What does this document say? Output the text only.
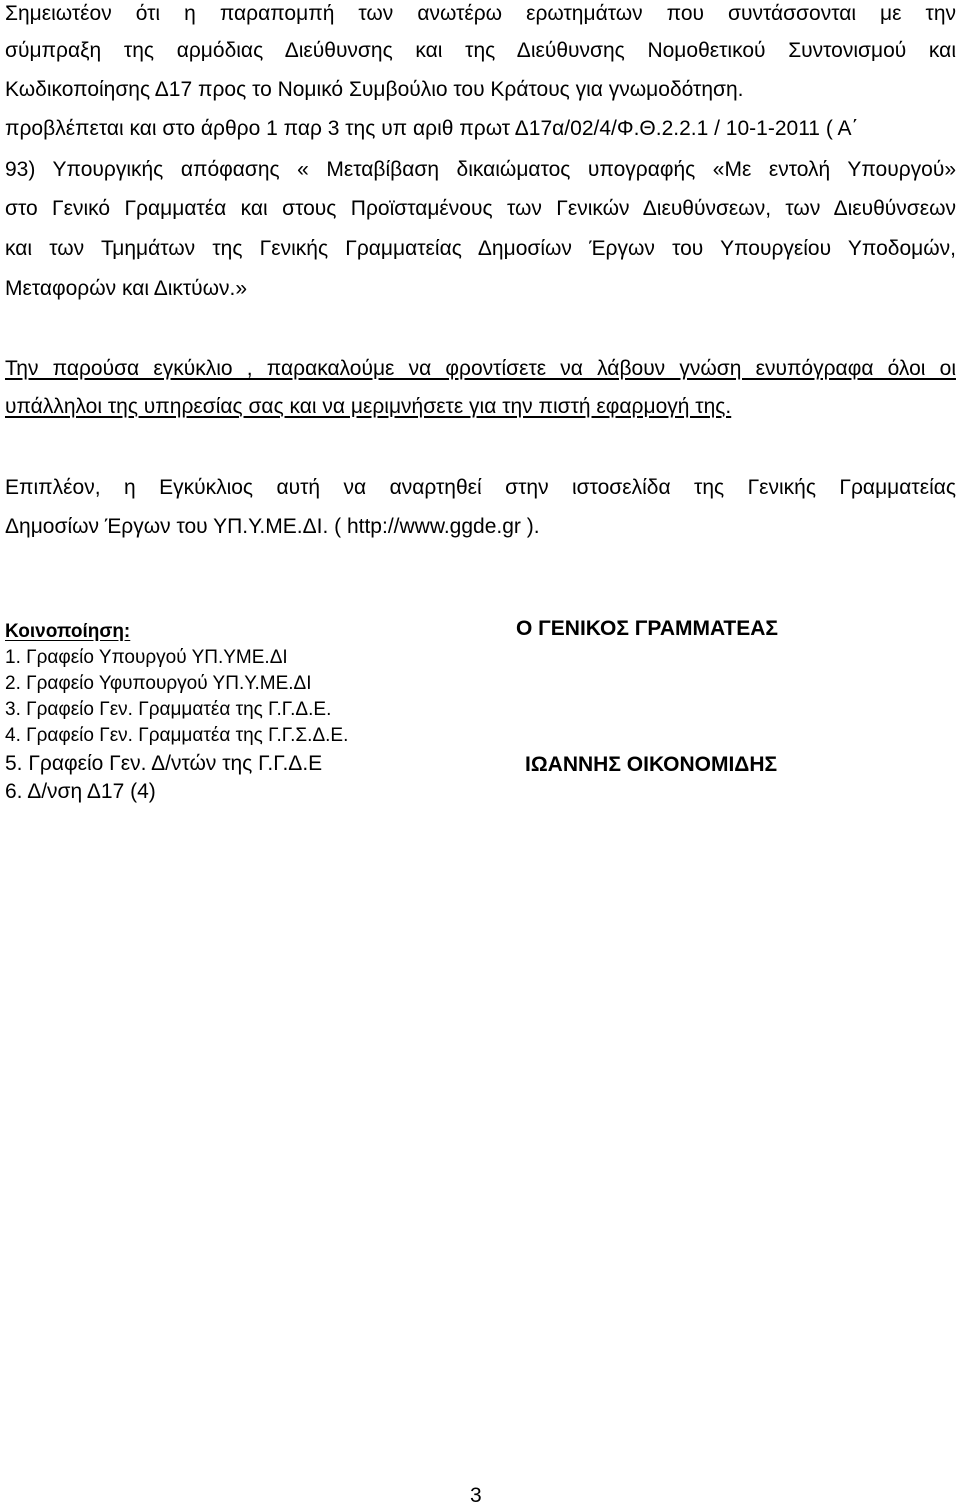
Σημειωτέον ότι η παραπομπή των ανωτέρω ερωτημάτων που συντάσσονται με την
σύμπραξη της αρμόδιας Διεύθυνσης και της Διεύθυνσης Νομοθετικού Συντονισμού και
Κωδικοποίησης Δ17 προς το Νομικό Συμβούλιο του Κράτους για γνωμοδότηση.
προβλέπεται και στο άρθρο 1 παρ 3 της υπ αριθ πρωτ Δ17α/02/4/Φ.Θ.2.2.1 / 10-1-2011 ( Α΄
93) Υπουργικής απόφασης « Μεταβίβαση δικαιώματος υπογραφής «Με εντολή Υπουργού»
στο Γενικό Γραμματέα και στους Προϊσταμένους των Γενικών Διευθύνσεων, των Διευθύνσεων
και των Τμημάτων της Γενικής Γραμματείας Δημοσίων Έργων του Υπουργείου Υποδομών,
Μεταφορών και Δικτύων.»
Την παρούσα εγκύκλιο , παρακαλούμε να φροντίσετε να λάβουν γνώση ενυπόγραφα όλοι οι
υπάλληλοι της υπηρεσίας σας και να μεριμνήσετε για την πιστή εφαρμογή της.
Επιπλέον, η Εγκύκλιος αυτή να αναρτηθεί στην ιστοσελίδα της Γενικής Γραμματείας
Δημοσίων Έργων του ΥΠ.Υ.ΜΕ.ΔΙ. ( http://www.ggde.gr ).
Κοινοποίηση:
1. Γραφείο Υπουργού ΥΠ.ΥΜΕ.ΔΙ
2. Γραφείο Υφυπουργού ΥΠ.Υ.ΜΕ.ΔΙ
3. Γραφείο Γεν. Γραμματέα της Γ.Γ.Δ.Ε.
4. Γραφείο Γεν. Γραμματέα της Γ.Γ.Σ.Δ.Ε.
5. Γραφείο Γεν. Δ/ντών της Γ.Γ.Δ.Ε
6. Δ/νση Δ17 (4)
Ο ΓΕΝΙΚΟΣ ΓΡΑΜΜΑΤΕΑΣ
ΙΩΑΝΝΗΣ ΟΙΚΟΝΟΜΙΔΗΣ
3
